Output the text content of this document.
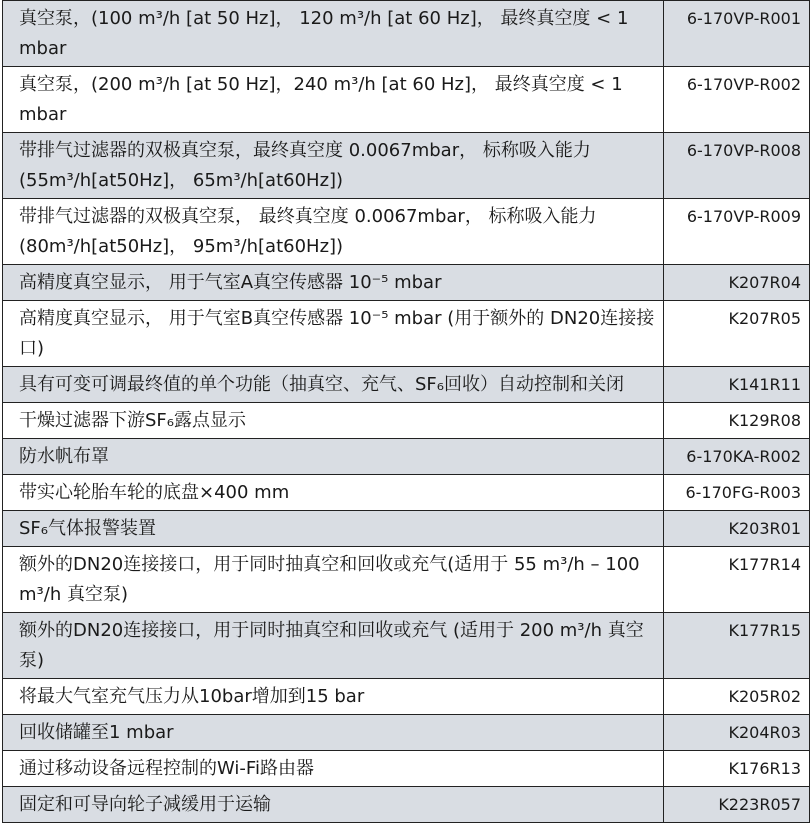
真空泵，(100 m³/h [at 50 Hz]， 120 m³/h [at 60 Hz]， 最终真空度 < 1 mbar	6-170VP-R001
真空泵，(200 m³/h [at 50 Hz]，240 m³/h [at 60 Hz]， 最终真空度 < 1 mbar	6-170VP-R002
带排气过滤器的双极真空泵，最终真空度 0.0067mbar， 标称吸入能力(55m³/h[at50Hz]， 65m³/h[at60Hz])	6-170VP-R008
带排气过滤器的双极真空泵， 最终真空度 0.0067mbar， 标称吸入能力(80m³/h[at50Hz]， 95m³/h[at60Hz])	6-170VP-R009
高精度真空显示， 用于气室A真空传感器 10⁻⁵ mbar	K207R04
高精度真空显示， 用于气室B真空传感器 10⁻⁵ mbar (用于额外的 DN20连接接口)	K207R05
具有可变可调最终值的单个功能（抽真空、充气、SF₆回收）自动控制和关闭	K141R11
干燥过滤器下游SF₆露点显示	K129R08
防水帆布罩	6-170KA-R002
带实心轮胎车轮的底盘×400 mm	6-170FG-R003
SF₆气体报警装置	K203R01
额外的DN20连接接口，用于同时抽真空和回收或充气(适用于 55 m³/h – 100 m³/h 真空泵)	K177R14
额外的DN20连接接口，用于同时抽真空和回收或充气 (适用于 200 m³/h 真空泵)	K177R15
将最大气室充气压力从10bar增加到15 bar	K205R02
回收储罐至1 mbar	K204R03
通过移动设备远程控制的Wi-Fi路由器	K176R13
固定和可导向轮子减缓用于运输	K223R057
